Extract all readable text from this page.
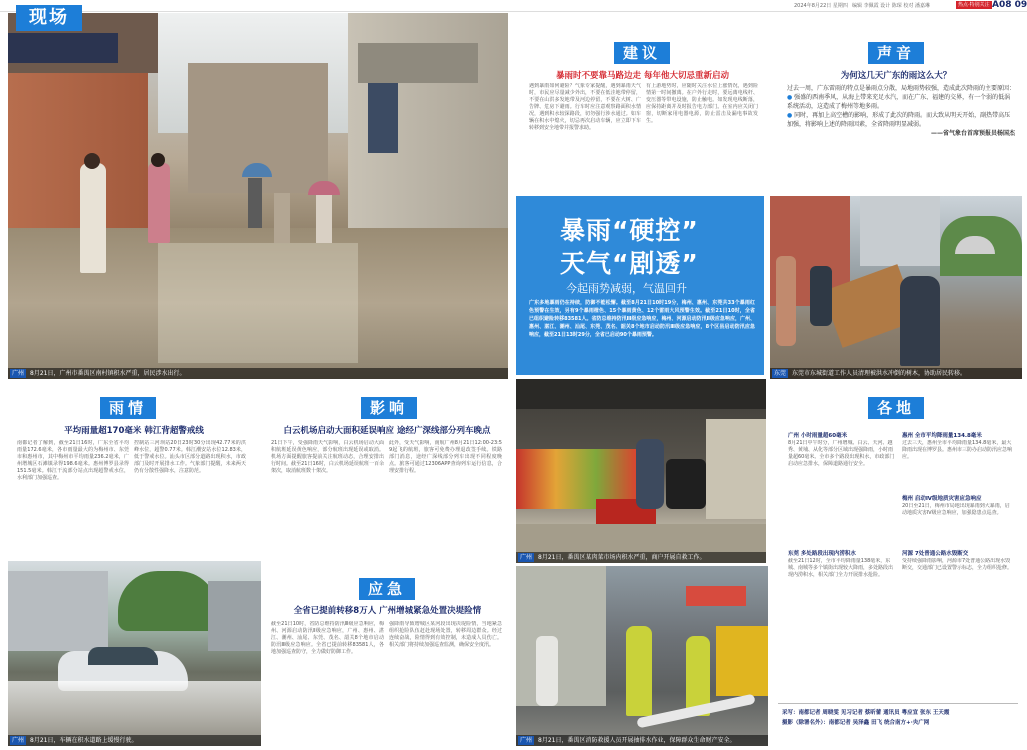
现场
2024年8月22日 星期四 编辑 李佩霞 设计 陈琛 校对 潘嘉琳	热点·特别关注 A08 09
广州 8月21日，广州市番禺区南村镇积水严重，居民涉水出行。
建议
暴雨时不要靠马路边走 每年他大切忌重新启动
遇到暴雨如何避险？气象专家提醒，遇到暴雨天气时，市民应尽量减少外出，不要在低洼地带停留，不要在山洪多发地带及河边停留，不要在大树、广告牌、危房下避雨。行车时应注意观察路面积水情况，遇到积水较深路段，切勿强行涉水通过。如车辆在积水中熄火，切忌再次启动车辆，应立即下车转移到安全地带并报警求助。
有上游地势时，应随时关注水位上涨情况，遇到险情第一时间撤离。在户外行走时，要远离电线杆、变压器等带电设施，防止触电。如发现电线断落，应保持距离并及时报告电力部门。在室内应关闭门窗，切断家用电器电源，防止雷击及漏电事故发生。
声音
为何这几天广东的雨这么大？
过去一周，广东雷雨的特点是暴雨点分散，局地雨势较强，造成此次降雨的主要原因：
● 强盛的西南季风，从海上带来充足水汽，而在广东、福建的交界，有一个弱的低涡系统活动，这造成了梅州等地多雨。
● 同时，再加上高空槽的影响，形成了此次的降雨。而大致从明天开始，副热带高压加强，将影响上述的降雨因素，全省降雨明显减弱。
——省气象台首席预报员杨国杰
暴雨“硬控”
天气“剧透”
今起雨势减弱，气温回升
广东多地暴雨仍在持续，防御不能松懈。截至8月21日10时19分，梅州、惠州、东莞共33个暴雨红色预警在生效，另有9个暴雨橙色、15个暴雨黄色、12个雷雨大风预警生效。截至21日10时，全省已组织避险转移83581人。省防总维持防汛Ⅲ级应急响应，梅州、河源启动防汛Ⅱ级应急响应，广州、惠州、湛江、潮州、汕尾、东莞、茂名、韶关8个地市启动防汛Ⅲ级应急响应，8个区县启动防汛应急响应，截至21日13时29分，全省已启动90个暴雨预警。
东莞 东莞市东城街道工作人员清理被洪水冲倒的树木，协助居民转移。
雨情
平均雨量超170毫米 韩江背超警戒线
南都记者了解到，截至21日16时，广东全省平均雨量172.6毫米，各市雨量最大的为梅州市、东莞市和惠州市，其中梅州市平均雨量236.2毫米，广州增城区石滩镇录得198.6毫米。惠州博罗县录得151.5毫米。韩江干流部分站点出现超警戒水位，水利部门加强巡查。
控制站三河坝站20日23时30分出现42.77米的洪峰水位，超警0.77米。韩江潮安站水位12.83米，低于警戒水位。汕头市区部分道路出现积水，市政部门及时开展排水工作。气象部门提醒，未来两天仍有分散性强降水，注意防范。
影响
白云机场启动大面积延误响应 途经广深线部分列车晚点
21日下午，受强降雨天气影响，白云机场启动大面积航班延误黄色响应，部分航班出现延误或取消。机场方面提醒旅客提前关注航班动态，合理安排出行时间。截至21日16时，白云机场延误航班一百余架次，取消航班数十架次。
此外，受天气影响，南航广州8月21日12:00-23:59起飞的航班，旅客可免费办理退改签手续。铁路部门消息，途经广深线部分列车出现不同程度晚点。旅客可通过12306APP查询列车运行信息，合理安排行程。
广州 8月21日，番禺区某肉菜市场内积水严重，商户开展自救工作。
各地
广州 小时雨量超60毫米
8月21日中午时分，广州增城、白云、天河、越秀、黄埔、从化等部分区域出现强降雨，小时雨量超60毫米。全市多个路段出现积水，市政部门启动应急排水，保障道路通行安全。
惠州 全市平均降雨量134.8毫米
过去三天，惠州全市平均降雨量134.8毫米，最大降雨出现在博罗县。惠州市三防办启动防汛应急响应。
梅州 启动Ⅳ级地质灾害应急响应
20日至21日，梅州市局地出现暴雨到大暴雨，启动地质灾害Ⅳ级应急响应，加强隐患点巡查。
东莞 多处路段出现内涝积水
截至21日12时，全市平均降雨量138毫米，东城、南城等多个镇街出现较大降雨，多处路段出现内涝积水，相关部门全力开展排水抢险。
河源 7处普通公路水毁断交
受持续强降雨影响，河源市7处普通公路出现水毁断交，交通部门已设置警示标志，全力组织抢修。
广州 8月21日，车辆在积水道路上缓慢行驶。
应急
全省已提前转移8万人 广州增城紧急处置决堤险情
截至21日10时，省防总维持防汛Ⅲ级应急响应，梅州、河源启动防汛Ⅱ级应急响应，广州、惠州、湛江、潮州、汕尾、东莞、茂名、韶关8个地市启动防汛Ⅲ级应急响应。全省已提前转移83581人，各地加强巡查防守，全力做好防御工作。
强降雨导致增城区某河段出现决堤险情，当地紧急组织抢险队伍赶赴现场处置，转移周边群众。经过连续奋战，险情得到有效控制，未造成人员伤亡。相关部门将持续加强巡查监测，确保安全度汛。
广州 8月21日，番禺区消防救援人员开展抽排水作业，保障群众生命财产安全。
采写：南都记者 周晓雯 见习记者 蔡昕蕾 通讯员 粤应宣 张东 王天霞
摄影（除署名外）：南都记者 吴泽鑫 田飞 统合南方+·央广网
